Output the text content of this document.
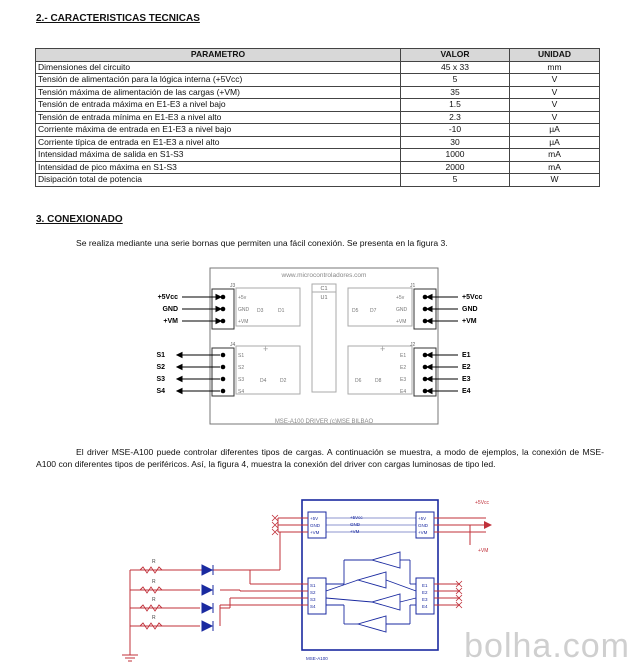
2.- CARACTERISTICAS TECNICAS
PARAMETRO	VALOR	UNIDAD
Dimensiones del circuito	45 x 33	mm
Tensión de alimentación para la lógica interna (+5Vcc)	5	V
Tensión máxima de alimentación de las cargas (+VM)	35	V
Tensión de entrada máxima en E1-E3 a nivel bajo	1.5	V
Tensión de entrada mínima en E1-E3 a nivel alto	2.3	V
Corriente máxima de entrada en E1-E3 a nivel bajo	-10	µA
Corriente típica de entrada en E1-E3 a nivel alto	30	µA
Intensidad máxima de salida en S1-S3	1000	mA
Intensidad de pico máxima en S1-S3	2000	mA
Disipación total de potencia	5	W
3. CONEXIONADO
Se realiza mediante una serie bornas que permiten una fácil conexión. Se presenta en la figura 3.
www.microcontroladores.com
MSE-A100 DRIVER (c)MSE BILBAO
C1
U1
J3
J4
J1
J2
+5v
GND
+VM
D3	D1	D5 D7
+5v
GND
+VM
S1
S2
S3
S4
D4	D2	D6	D8
E1
E2
E3
E4
+	+
+5Vcc
GND
+VM
S1
S2
S3
S4
+5Vcc
GND
+VM
E1
E2
E3
E4
El driver MSE-A100 puede controlar diferentes tipos de cargas. A continuación se muestra, a modo de ejemplos, la conexión de MSE-A100 con diferentes tipos de periféricos. Así, la figura 4, muestra la conexión del driver con cargas luminosas de tipo led.
+5V
GND
+VM
+5Vcc
GND
+VM
+5V
GND
+VM
S1
S2
S3
S4
E1
E2
E3
E4
+5Vcc
+VM
R
R
R
R
MSE-A100	bolha.com
